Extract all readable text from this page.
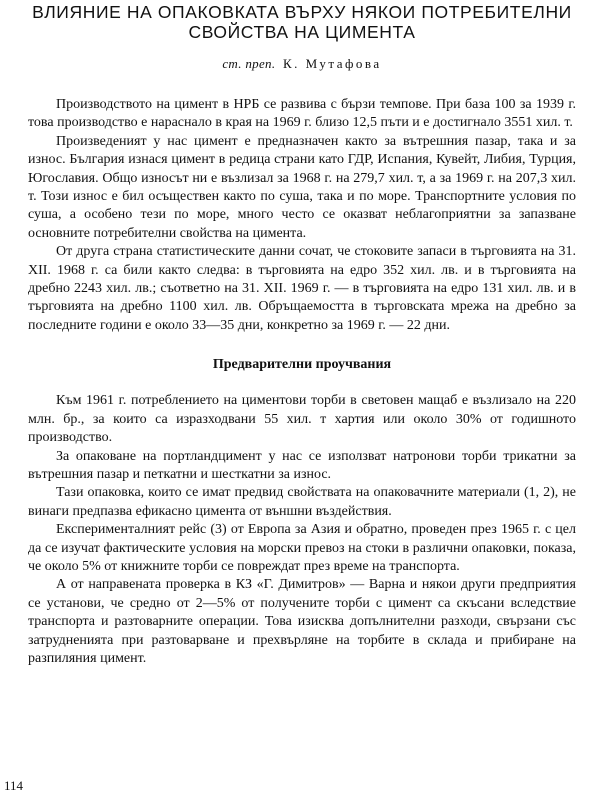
ВЛИЯНИЕ НА ОПАКОВКАТА ВЪРХУ НЯКОИ ПОТРЕБИТЕЛНИ
СВОЙСТВА НА ЦИМЕНТА
ст. преп. К. Мутафова

Производството на цимент в НРБ се развива с бързи темпове. При база 100 за 1939 г. това производство е нараснало в края на 1969 г. близо 12,5 пъти и е достигнало 3551 хил. т.

Произведеният у нас цимент е предназначен както за вътрешния пазар, така и за износ. България изнася цимент в редица страни като ГДР, Испания, Кувейт, Либия, Турция, Югославия. Общо износът ни е възлизал за 1968 г. на 279,7 хил. т, а за 1969 г. на 207,3 хил. т. Този износ е бил осъществен както по суша, така и по море. Транспортните условия по суша, а особено тези по море, много често се оказват неблагоприятни за запазване основните потребителни свойства на цимента.

От друга страна статистическите данни сочат, че стоковите запаси в търговията на 31. XII. 1968 г. са били както следва: в търговията на едро 352 хил. лв. и в търговията на дребно 2243 хил. лв.; съответно на 31. XII. 1969 г. — в търговията на едро 131 хил. лв. и в търговията на дребно 1100 хил. лв. Обръщаемостта в търговската мрежа на дребно за последните години е около 33—35 дни, конкретно за 1969 г. — 22 дни.

Предварителни проучвания

Към 1961 г. потреблението на циментови торби в световен мащаб е възлизало на 220 млн. бр., за които са изразходвани 55 хил. т хартия или около 30% от годишното производство.

За опаковане на портландцимент у нас се използват натронови торби трикатни за вътрешния пазар и петкатни и шесткатни за износ.

Тази опаковка, които се имат предвид свойствата на опаковачните материали (1, 2), не винаги предпазва ефикасно цимента от външни въздействия.

Експерименталният рейс (3) от Европа за Азия и обратно, проведен през 1965 г. с цел да се изучат фактическите условия на морски превоз на стоки в различни опаковки, показа, че около 5% от книжните торби се повреждат през време на транспорта.

А от направената проверка в КЗ «Г. Димитров» — Варна и някои други предприятия се установи, че средно от 2—5% от получените торби с цимент са скъсани вследствие транспорта и разтоварните операции. Това изисква допълнителни разходи, свързани със затрудненията при разтоварване и прехвърляне на торбите в склада и прибиране на разпиляния цимент.

114
